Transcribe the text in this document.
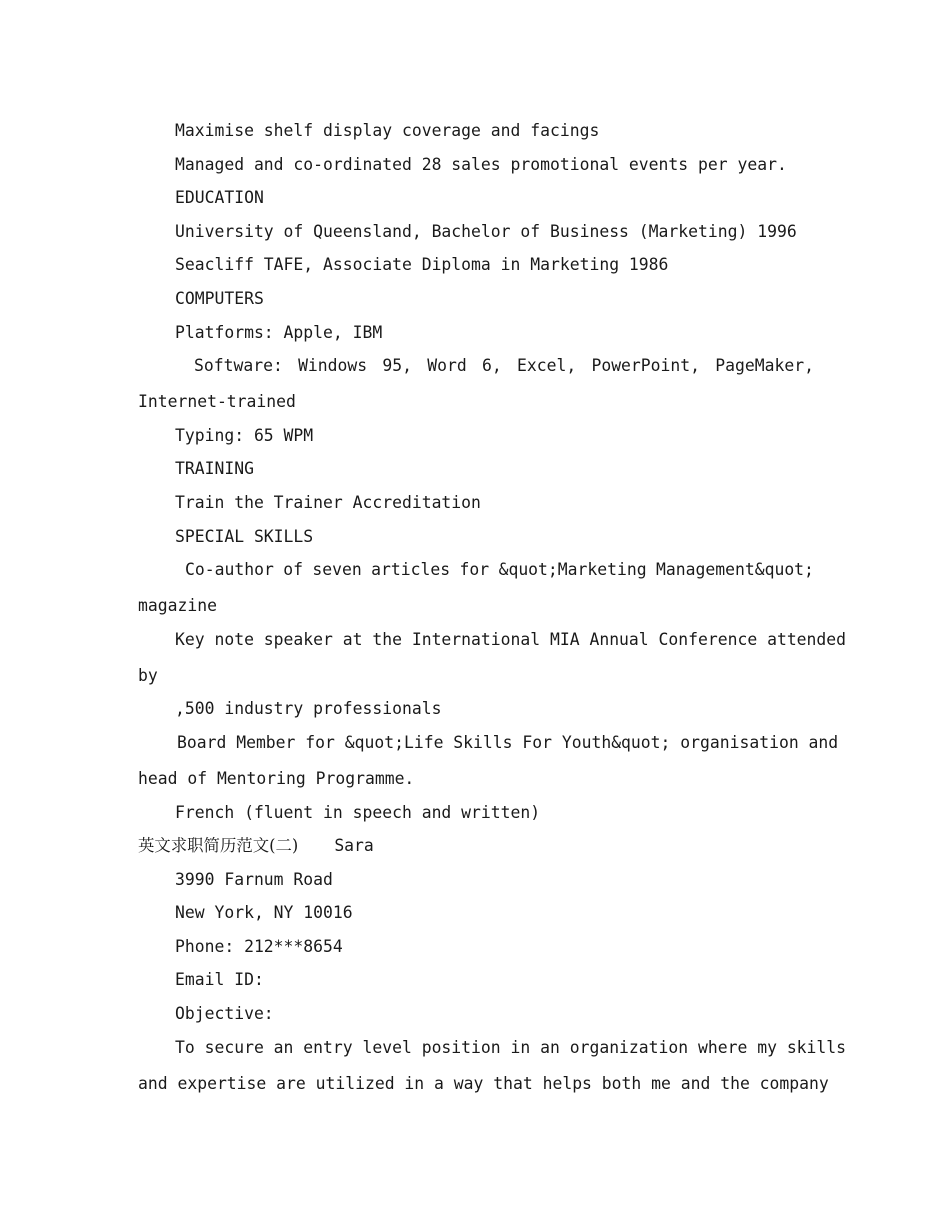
Maximise shelf display coverage and facings
Managed and co-ordinated 28 sales promotional events per year.
EDUCATION
University of Queensland, Bachelor of Business (Marketing) 1996
Seacliff TAFE, Associate Diploma in Marketing 1986
COMPUTERS
Platforms: Apple, IBM
Software: Windows 95, Word 6, Excel, PowerPoint, PageMaker,
Internet-trained
Typing: 65 WPM
TRAINING
Train the Trainer Accreditation
SPECIAL SKILLS
Co-author of seven articles for &quot;Marketing Management&quot;
magazine
Key note speaker at the International MIA Annual Conference attended
by
,500 industry professionals
Board Member for &quot;Life Skills For Youth&quot; organisation and
head of Mentoring Programme.
French (fluent in speech and written)
英文求职简历范文(二) Sara
3990 Farnum Road
New York, NY 10016
Phone: 212***8654
Email ID:
Objective:
To secure an entry level position in an organization where my skills
and expertise are utilized in a way that helps both me and the company
